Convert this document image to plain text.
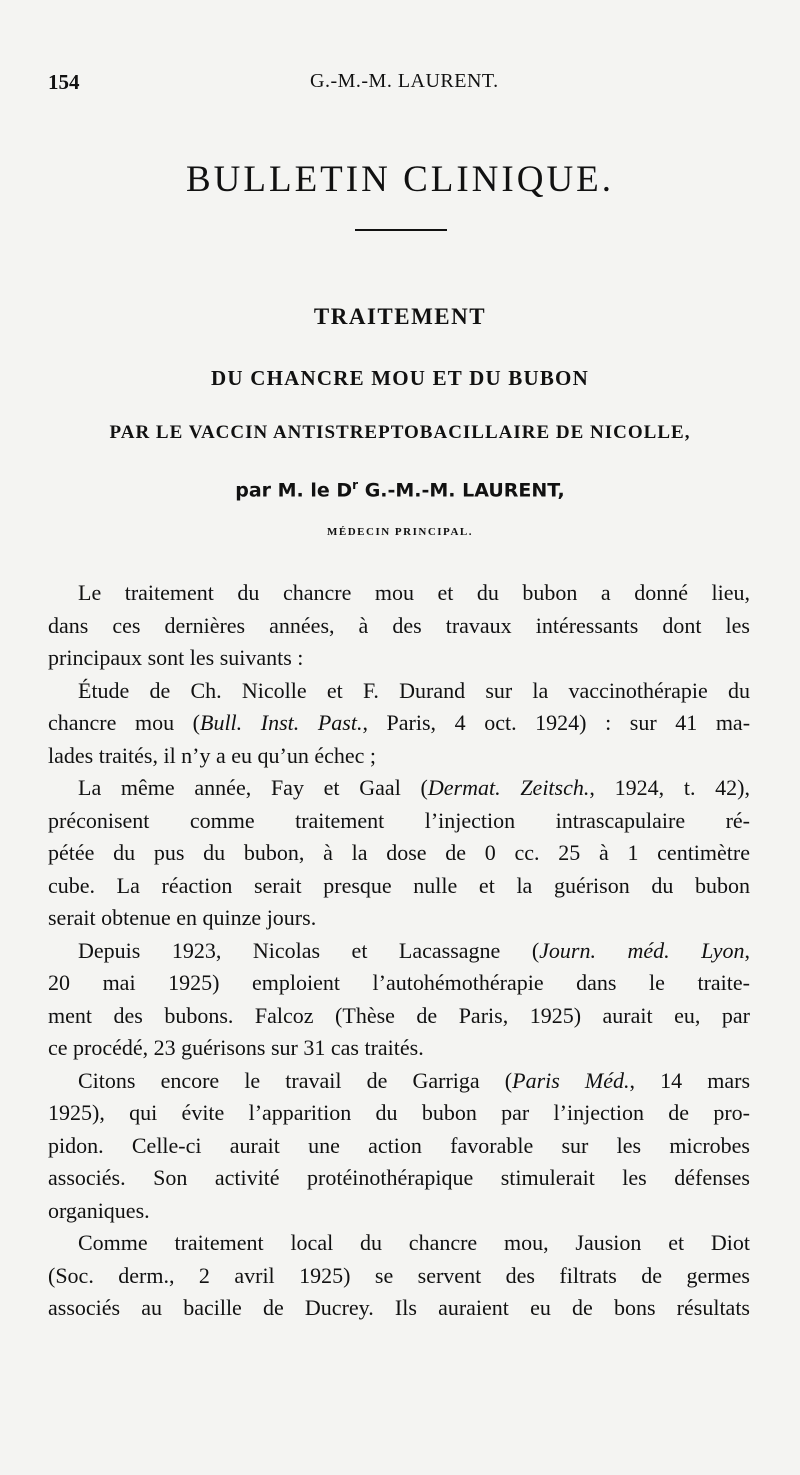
154	G.-M.-M. LAURENT.
BULLETIN CLINIQUE.
TRAITEMENT
DU CHANCRE MOU ET DU BUBON
PAR LE VACCIN ANTISTREPTOBACILLAIRE DE NICOLLE,
par M. le $D^r$ G.-M.-M. LAURENT,
MÉDECIN PRINCIPAL.
Le traitement du chancre mou et du bubon a donné lieu,
dans ces dernières années, à des travaux intéressants dont les
principaux sont les suivants :
Étude de Ch. Nicolle et F. Durand sur la vaccinothérapie du
chancre mou (Bull. Inst. Past., Paris, 4 oct. 1924) : sur 41 ma-
lades traités, il n’y a eu qu’un échec ;
La même année, Fay et Gaal (Dermat. Zeitsch., 1924, t. 42),
préconisent comme traitement l’injection intrascapulaire ré-
pétée du pus du bubon, à la dose de 0 cc. 25 à 1 centimètre
cube. La réaction serait presque nulle et la guérison du bubon
serait obtenue en quinze jours.
Depuis 1923, Nicolas et Lacassagne (Journ. méd. Lyon,
20 mai 1925) emploient l’autohémothérapie dans le traite-
ment des bubons. Falcoz (Thèse de Paris, 1925) aurait eu, par
ce procédé, 23 guérisons sur 31 cas traités.
Citons encore le travail de Garriga (Paris Méd., 14 mars
1925), qui évite l’apparition du bubon par l’injection de pro-
pidon. Celle-ci aurait une action favorable sur les microbes
associés. Son activité protéinothérapique stimulerait les défenses
organiques.
Comme traitement local du chancre mou, Jausion et Diot
(Soc. derm., 2 avril 1925) se servent des filtrats de germes
associés au bacille de Ducrey. Ils auraient eu de bons résultats
